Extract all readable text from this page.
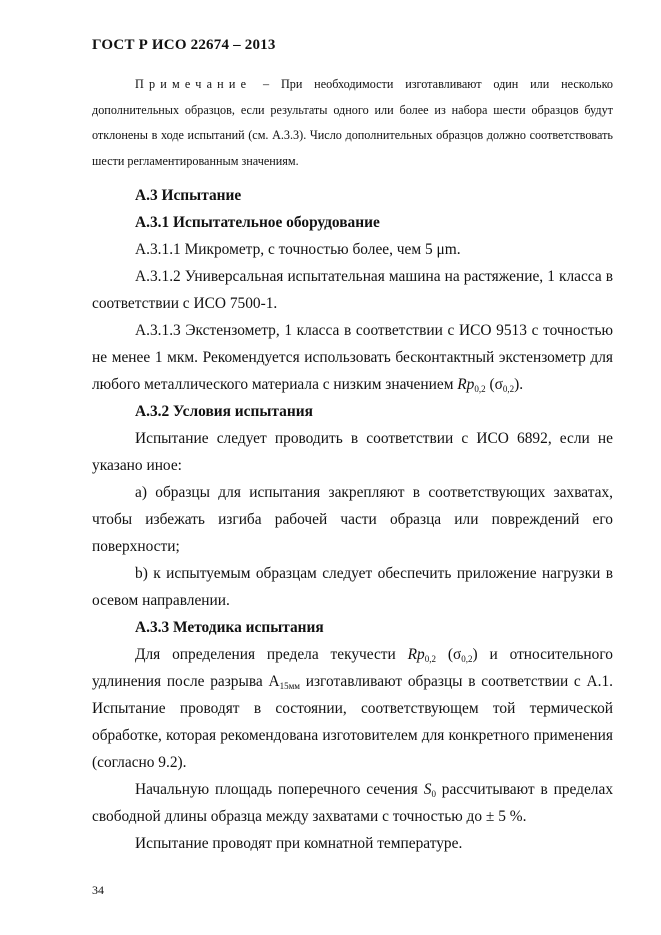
ГОСТ Р ИСО 22674 – 2013
Примечание – При необходимости изготавливают один или несколько дополнительных образцов, если результаты одного или более из набора шести образцов будут отклонены в ходе испытаний (см. А.3.3). Число дополнительных образцов должно соответствовать шести регламентированным значениям.
А.3 Испытание
А.3.1 Испытательное оборудование

А.3.1.1 Микрометр, с точностью более, чем 5 μm.

А.3.1.2 Универсальная испытательная машина на растяжение, 1 класса в соответствии с ИСО 7500-1.

А.3.1.3 Экстензометр, 1 класса в соответствии с ИСО 9513 с точностью не менее 1 мкм. Рекомендуется использовать бесконтактный экстензометр для любого металлического материала с низким значением $Rp_{0,2}$ $(\sigma_{0,2})$.

А.3.2 Условия испытания

Испытание следует проводить в соответствии с ИСО 6892, если не указано иное:

а) образцы для испытания закрепляют в соответствующих захватах, чтобы избежать изгиба рабочей части образца или повреждений его поверхности;

b) к испытуемым образцам следует обеспечить приложение нагрузки в осевом направлении.

А.3.3 Методика испытания

Для определения предела текучести $Rp_{0,2}$ $(\sigma_{0,2})$ и относительного удлинения после разрыва $А_{15мм}$ изготавливают образцы в соответствии с А.1. Испытание проводят в состоянии, соответствующем той термической обработке, которая рекомендована изготовителем для конкретного применения (согласно 9.2).

Начальную площадь поперечного сечения $S_0$ рассчитывают в пределах свободной длины образца между захватами с точностью до ± 5 %.

Испытание проводят при комнатной температуре.

34
